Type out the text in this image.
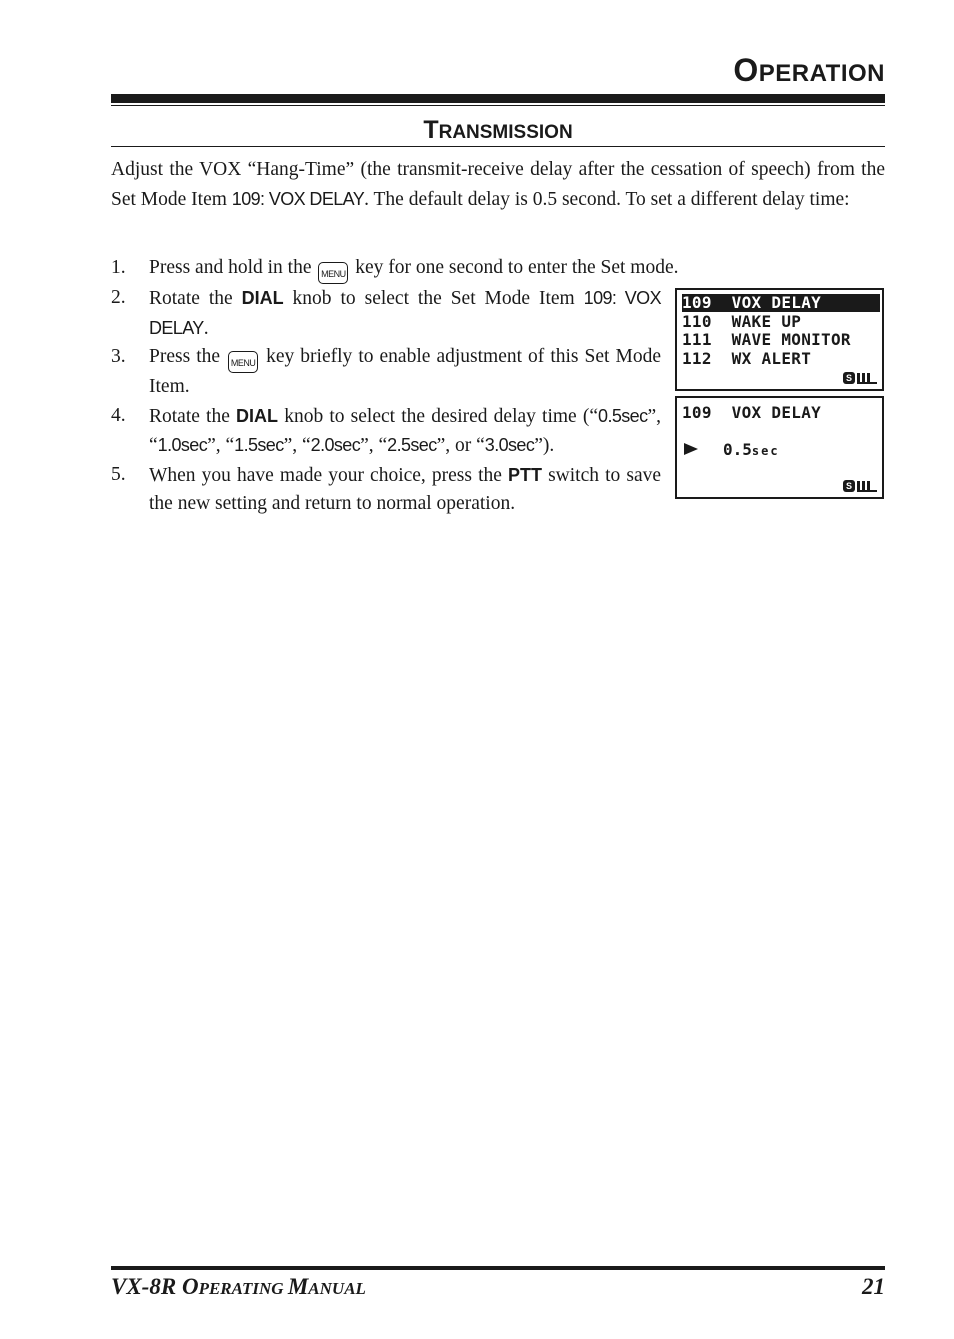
OPERATION
TRANSMISSION

Adjust the VOX “Hang-Time” (the transmit-receive delay after the cessation of speech) from the Set Mode Item 109: VOX DELAY. The default delay is 0.5 second. To set a different delay time:

1. Press and hold in the MENU key for one second to enter the Set mode.
2. Rotate the DIAL knob to select the Set Mode Item 109: VOX DELAY.
3. Press the MENU key briefly to enable adjustment of this Set Mode Item.
4. Rotate the DIAL knob to select the desired delay time (“0.5sec”, “1.0sec”, “1.5sec”, “2.0sec”, “2.5sec”, or “3.0sec”).
5. When you have made your choice, press the PTT switch to save the new setting and return to normal operation.
109  VOX DELAY
110  WAKE UP
111  WAVE MONITOR
112  WX ALERT
S
109  VOX DELAY
0.5sec
S
VX-8R OPERATING MANUAL	21
